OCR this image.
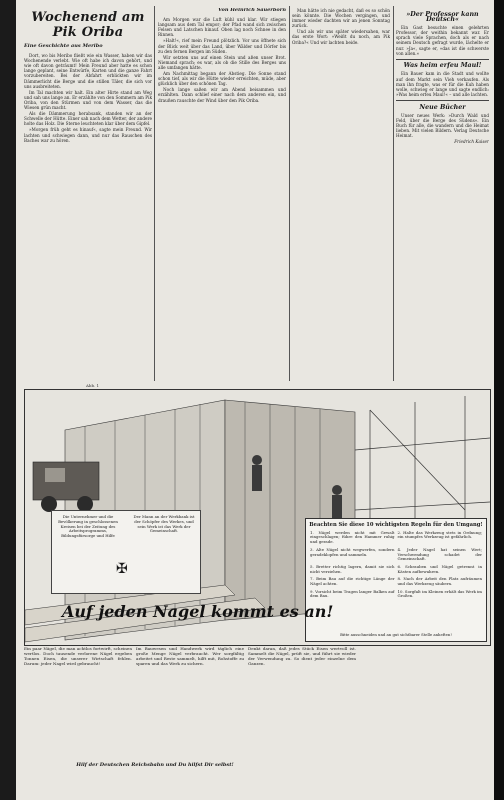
Wochenend am Pik Oriba
Eine Geschichte aus Meribo

Dort, wo bis Meribo fließt wie ein Wasser, haben wir das Wochenende verlebt. Wie oft habe ich davon gehört, und wie oft davon geträumt! Mein Freund aber hatte es schon lange geplant, seine Entwürfe, Karten und die ganze Fahrt vorzubereiten. Bei der Abfahrt erblickten wir im Dämmerlicht die Berge und die stillen Täler, die sich vor uns ausbreiteten.

Im Tal machten wir halt. Ein alter Hirte stand am Weg und sah uns lange an. Er erzählte von den Sommern am Pik Oriba, von den Stürmen und von dem Wasser, das die Wiesen grün macht.

Als die Dämmerung herabsank, standen wir an der Schwelle der Hütte. Einer sah nach dem Wetter, der andere holte das Holz. Die Sterne leuchteten klar über dem Gipfel.

»Morgen früh geht es hinauf«, sagte mein Freund. Wir lachten und schwiegen dann, und nur das Rauschen des Baches war zu hören.

Von Heinrich Sauerborn

Am Morgen war die Luft kühl und klar. Wir stiegen langsam aus dem Tal empor; der Pfad wand sich zwischen Felsen und Latschen hinauf. Oben lag noch Schnee in den Rinnen.

»Halt!«, rief mein Freund plötzlich. Vor uns öffnete sich der Blick weit über das Land, über Wälder und Dörfer bis zu den fernen Bergen im Süden.

Wir setzten uns auf einen Stein und aßen unser Brot. Niemand sprach; es war, als ob die Stille des Berges uns alle umfangen hätte.

Am Nachmittag begann der Abstieg. Die Sonne stand schon tief, als wir die Hütte wieder erreichten, müde, aber glücklich über den schönen Tag.

Noch lange saßen wir am Abend beisammen und erzählten. Dann schlief einer nach dem anderen ein, und draußen rauschte der Wind über den Pik Oriba.

Man hätte ich nie gedacht, daß es so schön sein könnte. Die Wochen vergingen, und immer wieder dachten wir an jenen Sonntag zurück.

Und als wir uns später wiedersahen, war das erste Wort: »Weißt du noch, am Pik Oriba?« Und wir lachten beide.

»Der Professor kann Deutsch«

Ein Gast besuchte einen gelehrten Professor, der weithin bekannt war. Er sprach viele Sprachen, doch als er nach seinem Deutsch gefragt wurde, lächelte er nur. »Ja«, sagte er, »das ist die schwerste von allen.«

Was heim erfeu Maul!

Ein Bauer kam in die Stadt und wollte auf dem Markt sein Vieh verkaufen. Als man ihn fragte, was er für die Kuh haben wolle, schwieg er lange und sagte endlich: »Was heim erfeu Maul!« – und alle lachten.

Neue Bücher

Unser neues Werk: »Durch Wald und Feld, über die Berge des Südens«. Ein Buch für alle, die wandern und die Heimat lieben. Mit vielen Bildern. Verlag Deutsche Heimat.

Friedrich Kaiser
Abb. 1
Die Unternehmer und die Bevölkerung in geschlossenen Kreisen bei der Zeitung des Arbeitsprogramms, Bildungsfürsorge und Hilfe
Der Mann an der Werkbank ist der Schöpfer des Werkes, und sein Werk ist das Werk der Gemeinschaft.
✠
Beachten Sie diese 10 wichtigsten Regeln für den Umgang!
1. Nägel werden nicht mit Gewalt eingeschlagen; führe den Hammer ruhig und gerade.
2. Halte das Werkzeug stets in Ordnung; ein stumpfes Werkzeug ist gefährlich.
3. Alte Nägel nicht wegwerfen, sondern geradeklopfen und sammeln.
4. Jeder Nagel hat seinen Wert; Verschwendung schadet der Gemeinschaft.
5. Bretter richtig lagern, damit sie sich nicht verziehen.
6. Schrauben und Nägel getrennt in Kästen aufbewahren.
7. Beim Bau auf die richtige Länge der Nägel achten.
8. Nach der Arbeit den Platz aufräumen und das Werkzeug säubern.
9. Vorsicht beim Tragen langer Balken auf dem Bau.
10. Sorgfalt im Kleinen erhält das Werk im Großen.
Bitte ausschneiden und an gut sichtbarer Stelle anheften!
Auf jeden Nagel kommt es an!
Ein paar Nägel, die man achtlos fortwirft, scheinen wertlos. Doch tausende verlorene Nägel ergeben Tonnen Eisen, die unserer Wirtschaft fehlen. Darum: jeder Nagel wird gebraucht!
Im Bauwesen und Handwerk wird täglich eine große Menge Nägel verbraucht. Wer sorgfältig arbeitet und Reste sammelt, hilft mit, Rohstoffe zu sparen und das Werk zu sichern.
Denkt daran, daß jedes Stück Eisen wertvoll ist. Sammelt die Nägel, prüft sie, und führt sie wieder der Verwendung zu. So dient jeder einzelne dem Ganzen.
Hilf der Deutschen Reichsbahn und Du hilfst Dir selbst!
